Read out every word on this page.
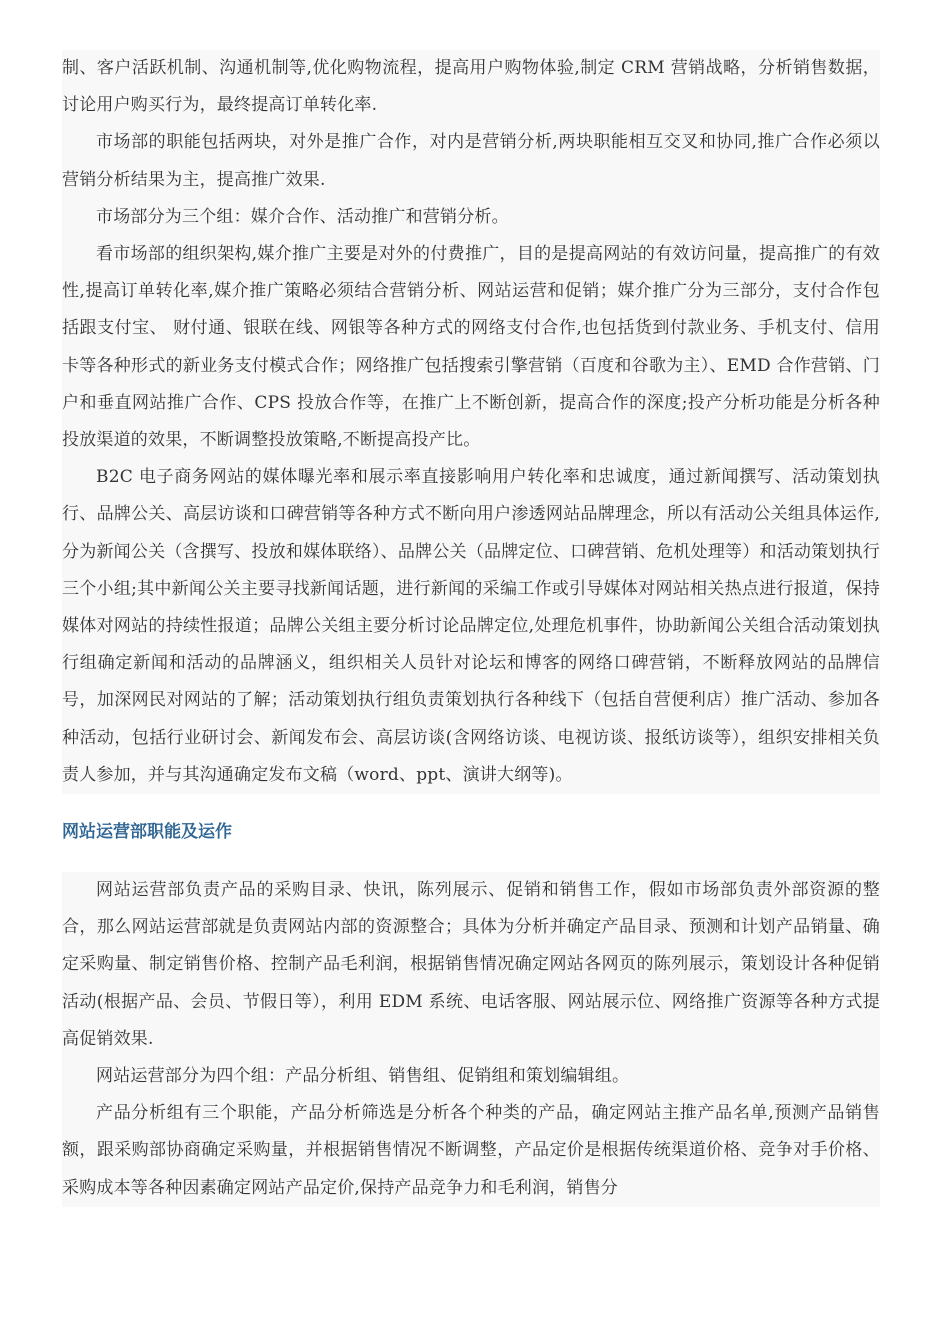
制、客户活跃机制、沟通机制等,优化购物流程，提高用户购物体验,制定 CRM 营销战略，分析销售数据，讨论用户购买行为，最终提高订单转化率.

市场部的职能包括两块，对外是推广合作，对内是营销分析,两块职能相互交叉和协同,推广合作必须以营销分析结果为主，提高推广效果.

市场部分为三个组：媒介合作、活动推广和营销分析。

看市场部的组织架构,媒介推广主要是对外的付费推广，目的是提高网站的有效访问量，提高推广的有效性,提高订单转化率,媒介推广策略必须结合营销分析、网站运营和促销；媒介推广分为三部分，支付合作包括跟支付宝、 财付通、银联在线、网银等各种方式的网络支付合作,也包括货到付款业务、手机支付、信用卡等各种形式的新业务支付模式合作；网络推广包括搜索引擎营销（百度和谷歌为主）、EMD 合作营销、门户和垂直网站推广合作、CPS 投放合作等，在推广上不断创新，提高合作的深度;投产分析功能是分析各种投放渠道的效果，不断调整投放策略,不断提高投产比。

B2C 电子商务网站的媒体曝光率和展示率直接影响用户转化率和忠诚度，通过新闻撰写、活动策划执行、品牌公关、高层访谈和口碑营销等各种方式不断向用户渗透网站品牌理念，所以有活动公关组具体运作,分为新闻公关（含撰写、投放和媒体联络）、品牌公关（品牌定位、口碑营销、危机处理等）和活动策划执行三个小组;其中新闻公关主要寻找新闻话题，进行新闻的采编工作或引导媒体对网站相关热点进行报道，保持媒体对网站的持续性报道；品牌公关组主要分析讨论品牌定位,处理危机事件，协助新闻公关组合活动策划执行组确定新闻和活动的品牌涵义，组织相关人员针对论坛和博客的网络口碑营销，不断释放网站的品牌信号，加深网民对网站的了解；活动策划执行组负责策划执行各种线下（包括自营便利店）推广活动、参加各种活动，包括行业研讨会、新闻发布会、高层访谈(含网络访谈、电视访谈、报纸访谈等），组织安排相关负责人参加，并与其沟通确定发布文稿（word、ppt、演讲大纲等)。

网站运营部职能及运作

网站运营部负责产品的采购目录、快讯，陈列展示、促销和销售工作，假如市场部负责外部资源的整合，那么网站运营部就是负责网站内部的资源整合；具体为分析并确定产品目录、预测和计划产品销量、确定采购量、制定销售价格、控制产品毛利润，根据销售情况确定网站各网页的陈列展示，策划设计各种促销活动(根据产品、会员、节假日等），利用 EDM 系统、电话客服、网站展示位、网络推广资源等各种方式提高促销效果.

网站运营部分为四个组：产品分析组、销售组、促销组和策划编辑组。

产品分析组有三个职能，产品分析筛选是分析各个种类的产品，确定网站主推产品名单,预测产品销售额，跟采购部协商确定采购量，并根据销售情况不断调整，产品定价是根据传统渠道价格、竞争对手价格、采购成本等各种因素确定网站产品定价,保持产品竞争力和毛利润，销售分
